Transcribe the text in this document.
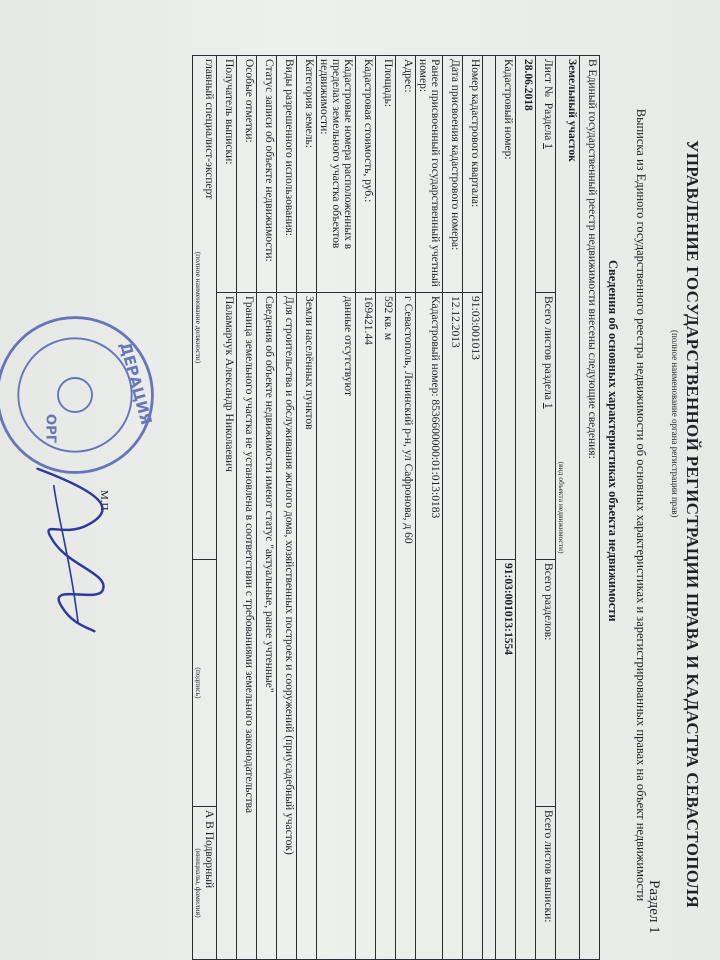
УПРАВЛЕНИЕ ГОСУДАРСТВЕННОЙ РЕГИСТРАЦИИ ПРАВА И КАДАСТРА СЕВАСТОПОЛЯ
(полное наименование органа регистрации прав)
Раздел 1
Выписка из Единого государственного реестра недвижимости об основных характеристиках и зарегистрированных правах на объект недвижимости
Сведения об основных характеристиках объекта недвижимости
В Единый государственный реестр недвижимости внесены следующие сведения:			
Земельный участок
(вид объекта недвижимости)			

Лист №  Раздела 1	Всего листов раздела 1	Всего разделов:	Всего листов выписки:
28.06.2018			
Кадастровый номер:		91:03:001013:1554	

Номер кадастрового квартала:	91:03:001013		
Дата присвоения кадастрового номера:	12.12.2013		
Ранее присвоенный государственный учетный номер:	Кадастровый номер: 8536600000:01:013:0183		
Адрес:	г Севастополь, Ленинский р-н, ул Сафронова, д 60		
Площадь:	592 кв. м		
Кадастровая стоимость, руб.:	169421.44		
Кадастровые номера расположенных в пределах земельного участка объектов недвижимости:	данные отсутствуют		
Категория земель:	Земли населённых пунктов		
Виды разрешенного использования:	Для строительства и обслуживания жилого дома, хозяйственных построек и сооружений (приусадебный участок)		
Статус записи об объекте недвижимости:	Сведения об объекте недвижимости имеют статус "актуальные, ранее учтенные"		
Особые отметки:	Граница земельного участка не установлена в соответствии с требованиями земельного законодательства		
Получатель выписки:	Паламарчук Александр Николаевич		
главный специалист-эксперт
(полное наименование должности)		(подпись)	А В Подворный
(инициалы, фамилия)
М.П.
ДЕРАЦИЯ
ОРГ
